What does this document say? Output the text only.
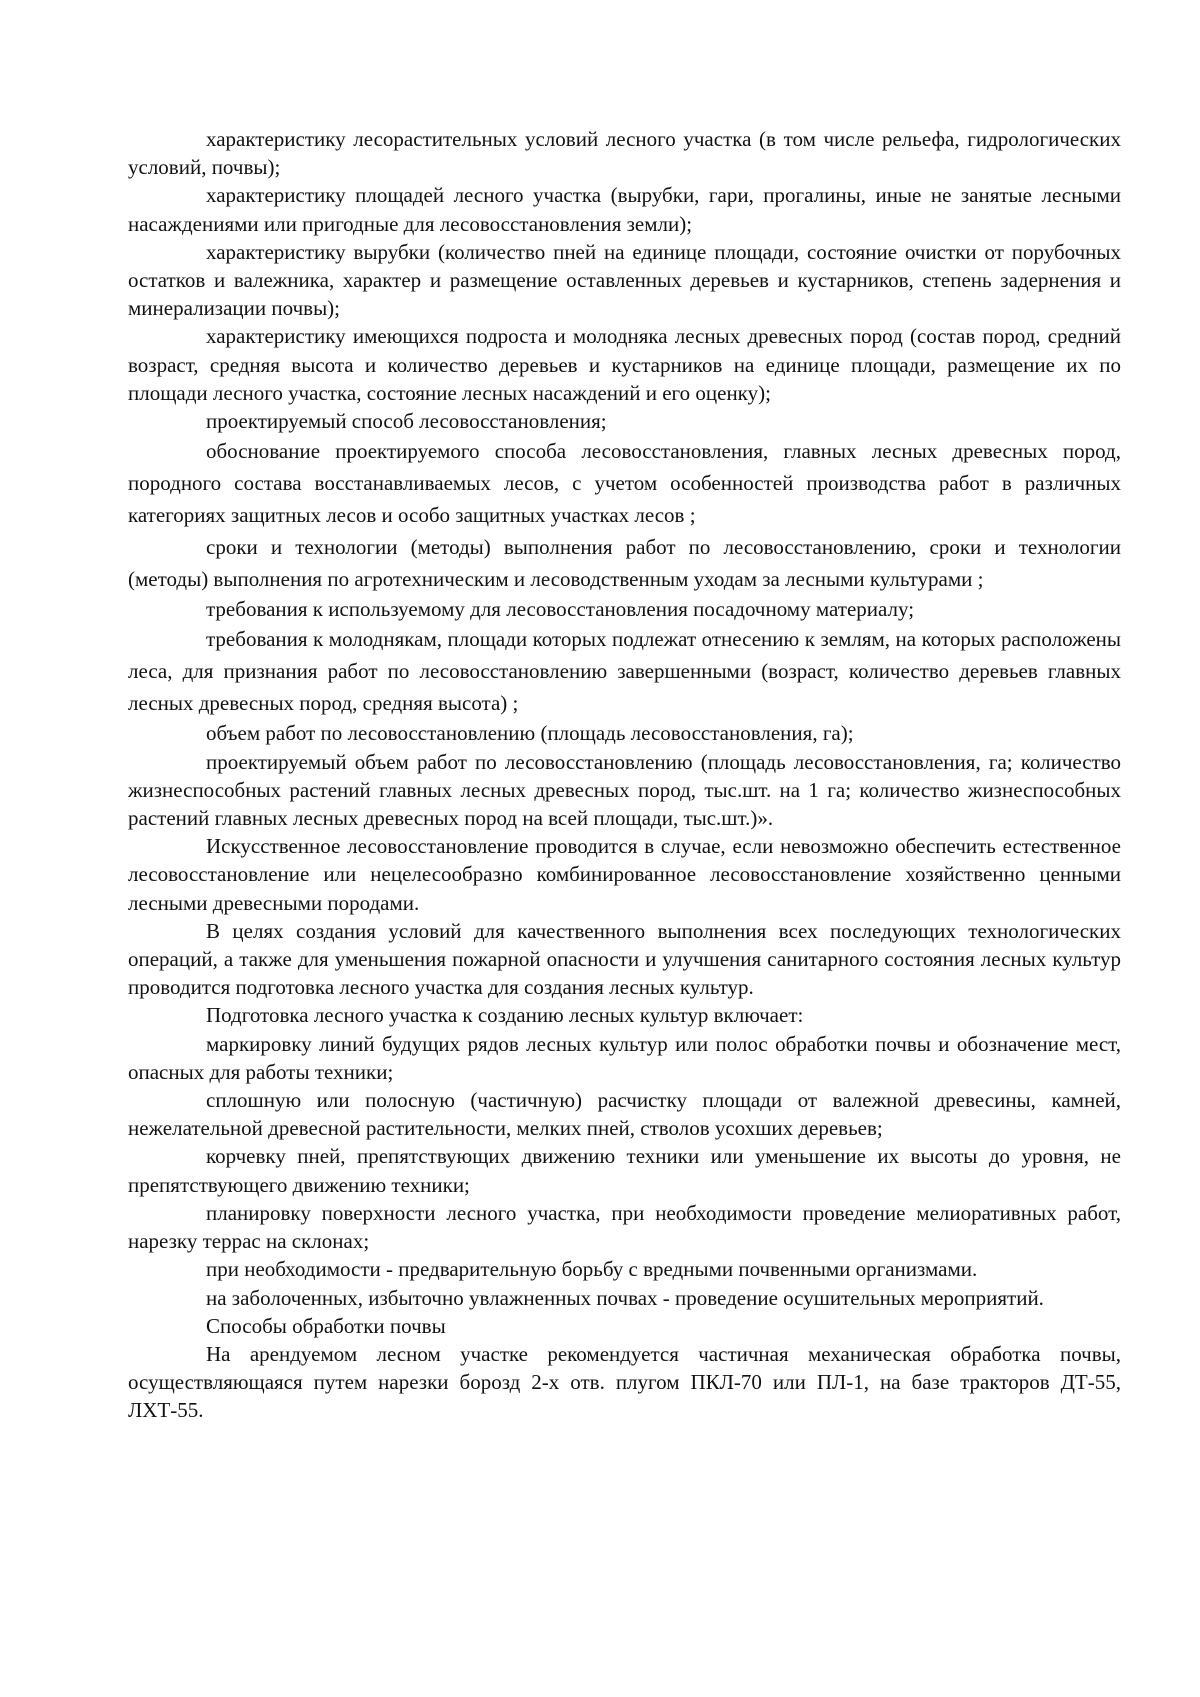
характеристику лесорастительных условий лесного участка (в том числе рельефа, гидрологических условий, почвы);

характеристику площадей лесного участка (вырубки, гари, прогалины, иные не занятые лесными насаждениями или пригодные для лесовосстановления земли);

характеристику вырубки (количество пней на единице площади, состояние очистки от порубочных остатков и валежника, характер и размещение оставленных деревьев и кустарников, степень задернения и минерализации почвы);

характеристику имеющихся подроста и молодняка лесных древесных пород (состав пород, средний возраст, средняя высота и количество деревьев и кустарников на единице площади, размещение их по площади лесного участка, состояние лесных насаждений и его оценку);

проектируемый способ лесовосстановления;

обоснование проектируемого способа лесовосстановления, главных лесных древесных пород, породного состава восстанавливаемых лесов, с учетом особенностей производства работ в различных категориях защитных лесов и особо защитных участках лесов ;

сроки и технологии (методы) выполнения работ по лесовосстановлению, сроки и технологии (методы) выполнения по агротехническим и лесоводственным уходам за лесными культурами ;

требования к используемому для лесовосстановления посадочному материалу;

требования к молоднякам, площади которых подлежат отнесению к землям, на которых расположены леса, для признания работ по лесовосстановлению завершенными (возраст, количество деревьев главных лесных древесных пород, средняя высота) ;

объем работ по лесовосстановлению (площадь лесовосстановления, га);

проектируемый объем работ по лесовосстановлению (площадь лесовосстановления, га; количество жизнеспособных растений главных лесных древесных пород, тыс.шт. на 1 га; количество жизнеспособных растений главных лесных древесных пород на всей площади, тыс.шт.)».

Искусственное лесовосстановление проводится в случае, если невозможно обеспечить естественное лесовосстановление или нецелесообразно комбинированное лесовосстановление хозяйственно ценными лесными древесными породами.

В целях создания условий для качественного выполнения всех последующих технологических операций, а также для уменьшения пожарной опасности и улучшения санитарного состояния лесных культур проводится подготовка лесного участка для создания лесных культур.

Подготовка лесного участка к созданию лесных культур включает:

маркировку линий будущих рядов лесных культур или полос обработки почвы и обозначение мест, опасных для работы техники;

сплошную или полосную (частичную) расчистку площади от валежной древесины, камней, нежелательной древесной растительности, мелких пней, стволов усохших деревьев;

корчевку пней, препятствующих движению техники или уменьшение их высоты до уровня, не препятствующего движению техники;

планировку поверхности лесного участка, при необходимости проведение мелиоративных работ, нарезку террас на склонах;

при необходимости - предварительную борьбу с вредными почвенными организмами.

на заболоченных, избыточно увлажненных почвах - проведение осушительных мероприятий.

Способы обработки почвы

На арендуемом лесном участке рекомендуется частичная механическая обработка почвы, осуществляющаяся путем нарезки борозд 2-х отв. плугом ПКЛ-70 или ПЛ-1, на базе тракторов ДТ-55, ЛХТ-55.
